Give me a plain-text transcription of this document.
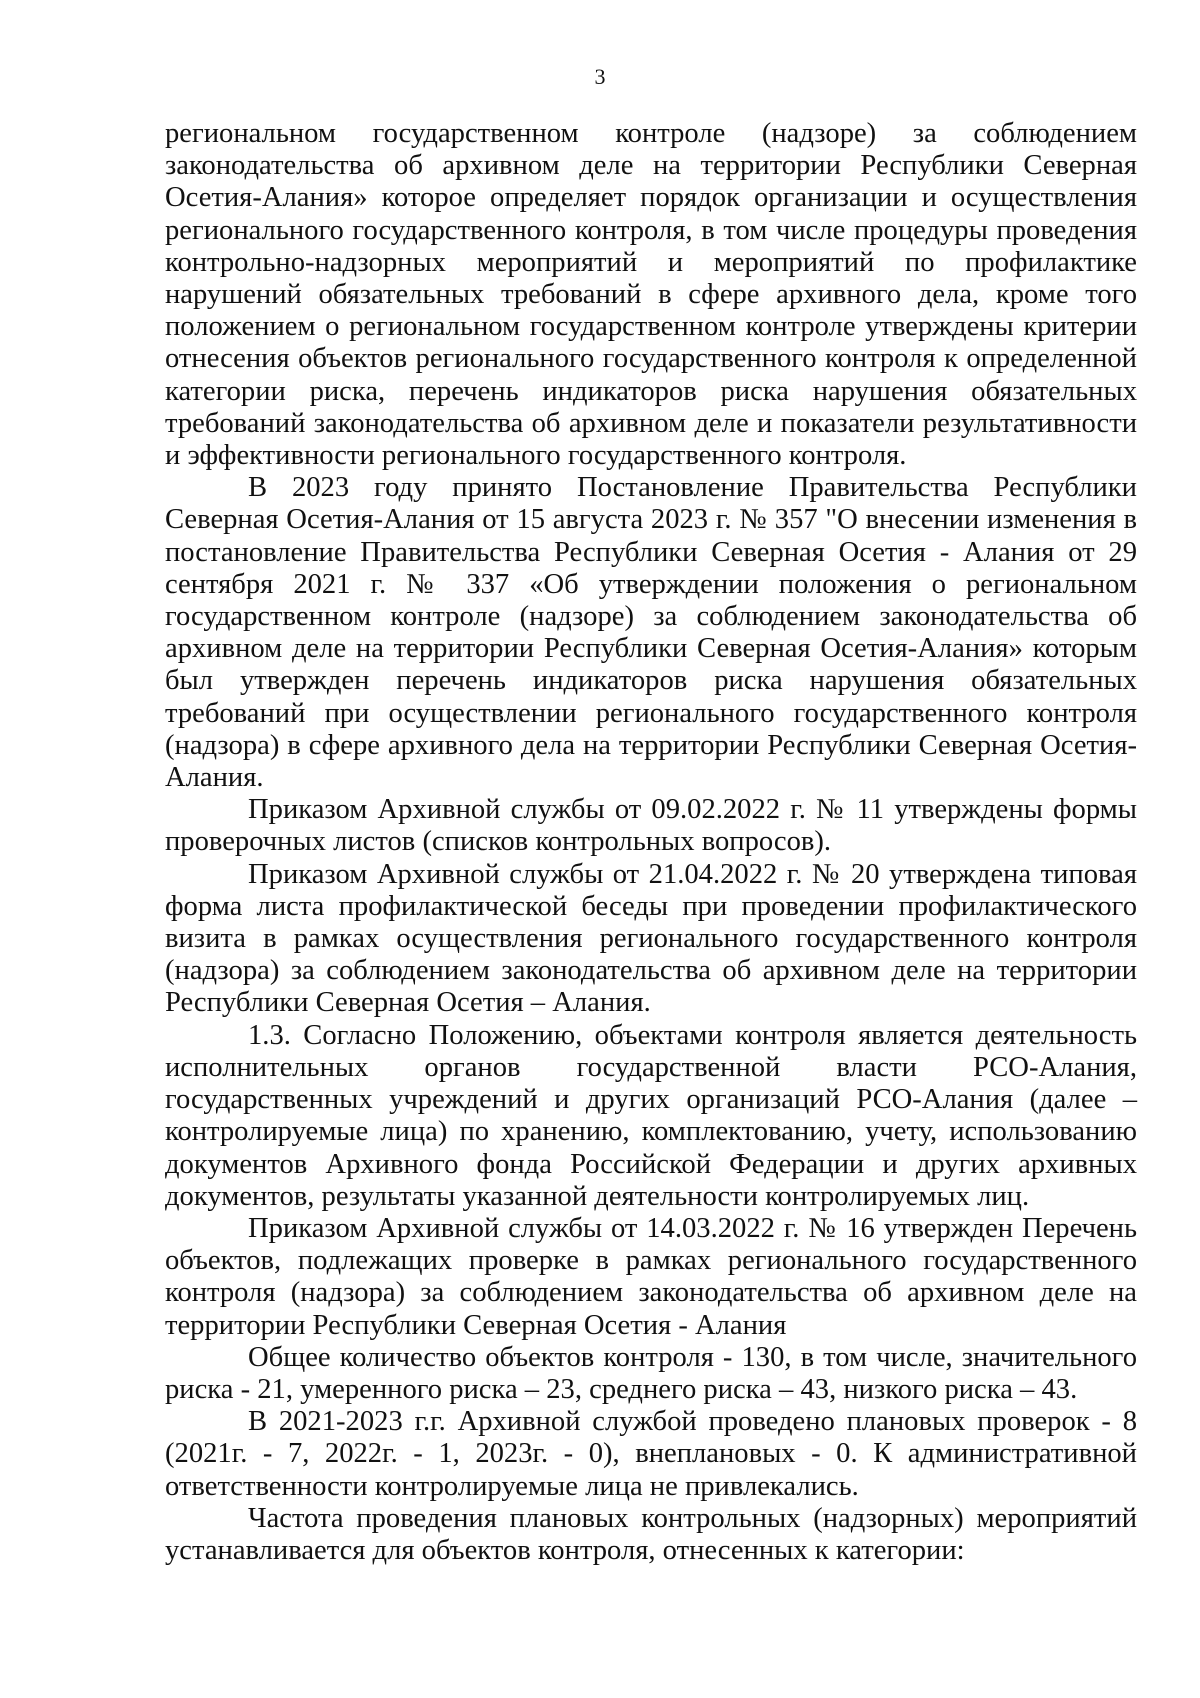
3

региональном государственном контроле (надзоре) за соблюдением законодательства об архивном деле на территории Республики Северная Осетия-Алания» которое определяет порядок организации и осуществления регионального государственного контроля, в том числе процедуры проведения контрольно-надзорных мероприятий и мероприятий по профилактике нарушений обязательных требований в сфере архивного дела, кроме того положением о региональном государственном контроле утверждены критерии отнесения объектов регионального государственного контроля к определенной категории риска, перечень индикаторов риска нарушения обязательных требований законодательства об архивном деле и показатели результативности и эффективности регионального государственного контроля.

В 2023 году принято Постановление Правительства Республики Северная Осетия-Алания от 15 августа 2023 г. № 357 "О внесении изменения в постановление Правительства Республики Северная Осетия - Алания от 29 сентября 2021 г. № 337 «Об утверждении положения о региональном государственном контроле (надзоре) за соблюдением законодательства об архивном деле на территории Республики Северная Осетия-Алания» которым был утвержден перечень индикаторов риска нарушения обязательных требований при осуществлении регионального государственного контроля (надзора) в сфере архивного дела на территории Республики Северная Осетия-Алания.

Приказом Архивной службы от 09.02.2022 г. № 11 утверждены формы проверочных листов (списков контрольных вопросов).

Приказом Архивной службы от 21.04.2022 г. № 20 утверждена типовая форма листа профилактической беседы при проведении профилактического визита в рамках осуществления регионального государственного контроля (надзора) за соблюдением законодательства об архивном деле на территории Республики Северная Осетия – Алания.

1.3. Согласно Положению, объектами контроля является деятельность исполнительных органов государственной власти РСО-Алания, государственных учреждений и других организаций РСО-Алания (далее – контролируемые лица) по хранению, комплектованию, учету, использованию документов Архивного фонда Российской Федерации и других архивных документов, результаты указанной деятельности контролируемых лиц.

Приказом Архивной службы от 14.03.2022 г. № 16 утвержден Перечень объектов, подлежащих проверке в рамках регионального государственного контроля (надзора) за соблюдением законодательства об архивном деле на территории Республики Северная Осетия - Алания

Общее количество объектов контроля - 130, в том числе, значительного риска - 21, умеренного риска – 23, среднего риска – 43, низкого риска – 43.

В 2021-2023 г.г. Архивной службой проведено плановых проверок - 8 (2021г. - 7, 2022г. - 1, 2023г. - 0), внеплановых - 0. К административной ответственности контролируемые лица не привлекались.

Частота проведения плановых контрольных (надзорных) мероприятий устанавливается для объектов контроля, отнесенных к категории:
